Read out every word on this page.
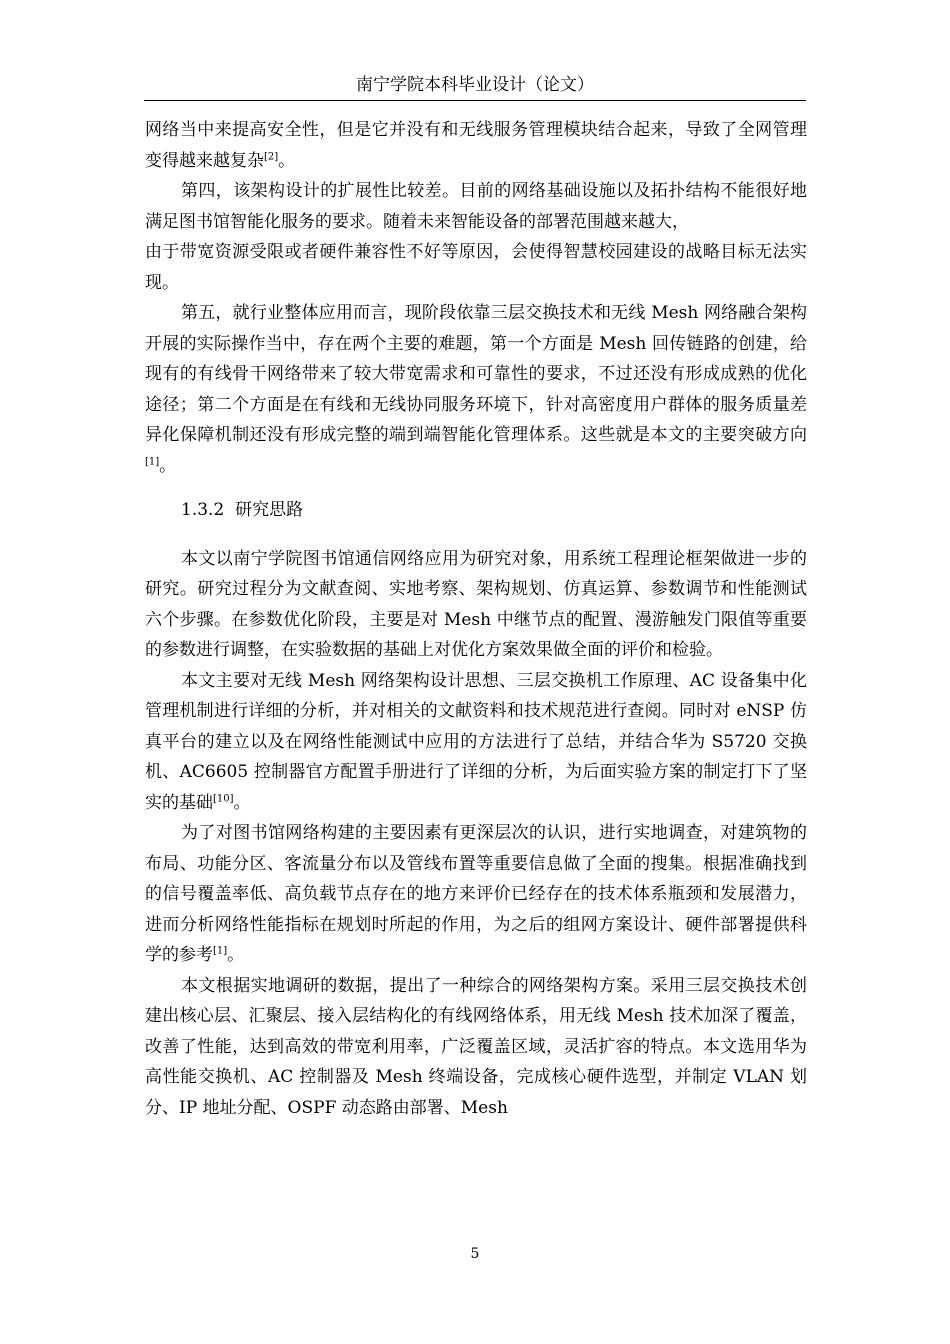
南宁学院本科毕业设计（论文）

网络当中来提高安全性，但是它并没有和无线服务管理模块结合起来，导致了全网管理变得越来越复杂[2]。

第四，该架构设计的扩展性比较差。目前的网络基础设施以及拓扑结构不能很好地满足图书馆智能化服务的要求。随着未来智能设备的部署范围越来越大，

由于带宽资源受限或者硬件兼容性不好等原因，会使得智慧校园建设的战略目标无法实现。

第五，就行业整体应用而言，现阶段依靠三层交换技术和无线 Mesh 网络融合架构开展的实际操作当中，存在两个主要的难题，第一个方面是 Mesh 回传链路的创建，给现有的有线骨干网络带来了较大带宽需求和可靠性的要求，不过还没有形成成熟的优化途径；第二个方面是在有线和无线协同服务环境下，针对高密度用户群体的服务质量差异化保障机制还没有形成完整的端到端智能化管理体系。这些就是本文的主要突破方向[1]。

1.3.2 研究思路

本文以南宁学院图书馆通信网络应用为研究对象，用系统工程理论框架做进一步的研究。研究过程分为文献查阅、实地考察、架构规划、仿真运算、参数调节和性能测试六个步骤。在参数优化阶段，主要是对 Mesh 中继节点的配置、漫游触发门限值等重要的参数进行调整，在实验数据的基础上对优化方案效果做全面的评价和检验。

本文主要对无线 Mesh 网络架构设计思想、三层交换机工作原理、AC 设备集中化管理机制进行详细的分析，并对相关的文献资料和技术规范进行查阅。同时对 eNSP 仿真平台的建立以及在网络性能测试中应用的方法进行了总结，并结合华为 S5720 交换机、AC6605 控制器官方配置手册进行了详细的分析，为后面实验方案的制定打下了坚实的基础[10]。

为了对图书馆网络构建的主要因素有更深层次的认识，进行实地调查，对建筑物的布局、功能分区、客流量分布以及管线布置等重要信息做了全面的搜集。根据准确找到的信号覆盖率低、高负载节点存在的地方来评价已经存在的技术体系瓶颈和发展潜力，进而分析网络性能指标在规划时所起的作用，为之后的组网方案设计、硬件部署提供科学的参考[1]。

本文根据实地调研的数据，提出了一种综合的网络架构方案。采用三层交换技术创建出核心层、汇聚层、接入层结构化的有线网络体系，用无线 Mesh 技术加深了覆盖，改善了性能，达到高效的带宽利用率，广泛覆盖区域，灵活扩容的特点。本文选用华为高性能交换机、AC 控制器及 Mesh 终端设备，完成核心硬件选型，并制定 VLAN 划分、IP 地址分配、OSPF 动态路由部署、Mesh

5
